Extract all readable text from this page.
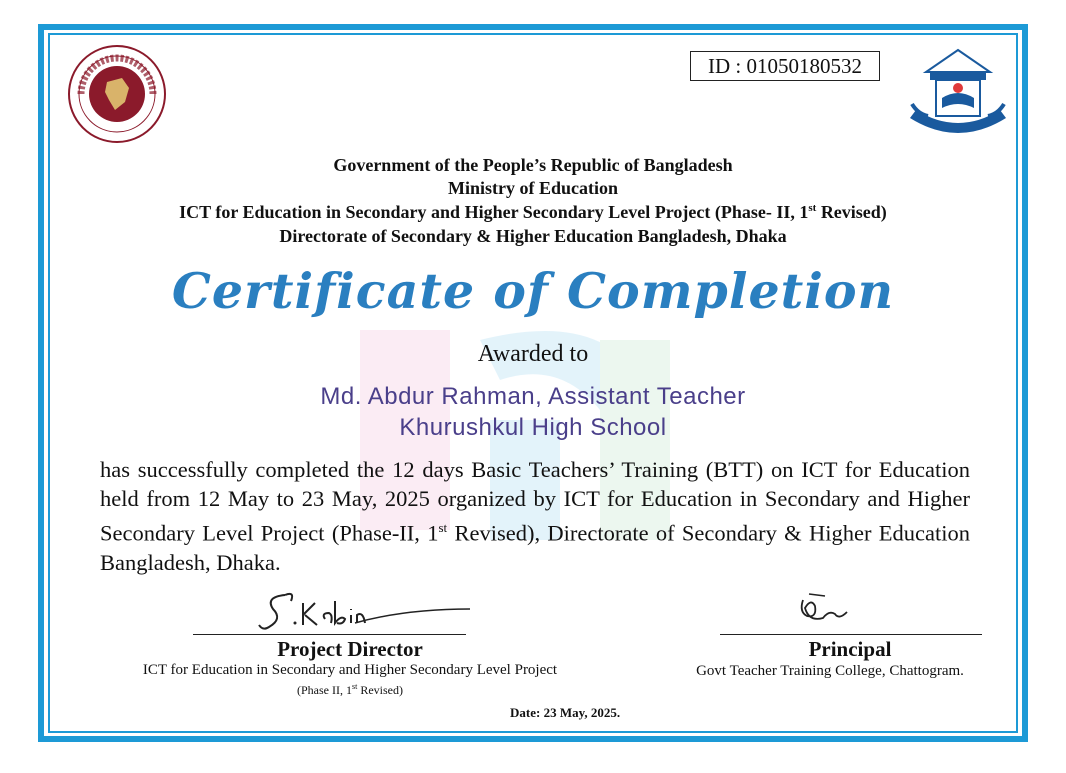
ID : 01050180532
Government of the People’s Republic of Bangladesh
Ministry of Education
ICT for Education in Secondary and Higher Secondary Level Project (Phase- II, 1st Revised)
Directorate of Secondary & Higher Education Bangladesh, Dhaka
Certificate of Completion
Awarded to
Md. Abdur Rahman, Assistant Teacher
Khurushkul High School
has successfully completed the 12 days Basic Teachers’ Training (BTT) on ICT for Education held from 12 May to 23 May, 2025 organized by ICT for Education in Secondary and Higher Secondary Level Project (Phase-II, 1st Revised), Directorate of Secondary & Higher Education Bangladesh, Dhaka.
Project Director
ICT for Education in Secondary and Higher Secondary Level Project
(Phase II, 1st Revised)
Principal
Govt Teacher Training College, Chattogram.
Date: 23 May, 2025.
